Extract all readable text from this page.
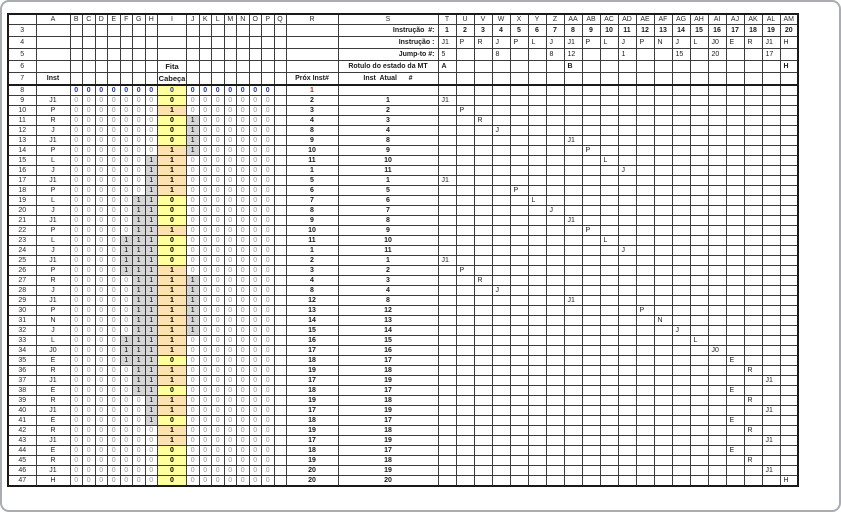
	A	B	C	D	E	F	G	H	I	J	K	L	M	N	O	P	Q	R	S	T	U	V	W	X	Y	Z	AA	AB	AC	AD	AE	AF	AG	AH	AI	AJ	AK	AL	AM
3																			Instrução  #:	1	2	3	4	5	6	7	8	9	10	11	12	13	14	15	16	17	18	19	20
4																			Instrução :	J1	P	R	J	P	L	J	J1	P	L	J	P	N	J	L	J0	E	R	J1	H
5																			Jump-to #:	5			8			8	12			1			15		20			17	
6									Fita										Rotulo do estado da MT	A							B												H
7	Inst								Cabeça									Próx Inst#	Inst  Atual      #																				
8		0	0	0	0	0	0	0	0	0	0	0	0	0	0	0		1																					
9	J1	0	0	0	0	0	0	0	0	0	0	0	0	0	0	0		2	1	J1																			
10	P	0	0	0	0	0	0	0	1	0	0	0	0	0	0	0		3	2		P																		
11	R	0	0	0	0	0	0	0	0	1	0	0	0	0	0	0		4	3			R																	
12	J	0	0	0	0	0	0	0	0	1	0	0	0	0	0	0		8	4				J																
13	J1	0	0	0	0	0	0	0	0	1	0	0	0	0	0	0		9	8								J1												
14	P	0	0	0	0	0	0	0	1	1	0	0	0	0	0	0		10	9									P											
15	L	0	0	0	0	0	0	1	1	0	0	0	0	0	0	0		11	10										L										
16	J	0	0	0	0	0	0	1	1	0	0	0	0	0	0	0		1	11											J									
17	J1	0	0	0	0	0	0	1	1	0	0	0	0	0	0	0		5	1	J1																			
18	P	0	0	0	0	0	0	1	1	0	0	0	0	0	0	0		6	5					P															
19	L	0	0	0	0	0	1	1	0	0	0	0	0	0	0	0		7	6						L														
20	J	0	0	0	0	0	1	1	0	0	0	0	0	0	0	0		8	7							J													
21	J1	0	0	0	0	0	1	1	0	0	0	0	0	0	0	0		9	8								J1												
22	P	0	0	0	0	0	1	1	1	0	0	0	0	0	0	0		10	9									P											
23	L	0	0	0	0	1	1	1	0	0	0	0	0	0	0	0		11	10										L										
24	J	0	0	0	0	1	1	1	0	0	0	0	0	0	0	0		1	11											J									
25	J1	0	0	0	0	1	1	1	0	0	0	0	0	0	0	0		2	1	J1																			
26	P	0	0	0	0	1	1	1	1	0	0	0	0	0	0	0		3	2		P																		
27	R	0	0	0	0	0	1	1	1	1	0	0	0	0	0	0		4	3			R																	
28	J	0	0	0	0	0	1	1	1	1	0	0	0	0	0	0		8	4				J																
29	J1	0	0	0	0	0	1	1	1	1	0	0	0	0	0	0		12	8								J1												
30	P	0	0	0	0	0	1	1	1	1	0	0	0	0	0	0		13	12												P								
31	N	0	0	0	0	0	1	1	1	1	0	0	0	0	0	0		14	13													N							
32	J	0	0	0	0	0	1	1	1	1	0	0	0	0	0	0		15	14														J						
33	L	0	0	0	0	1	1	1	1	0	0	0	0	0	0	0		16	15															L					
34	J0	0	0	0	0	1	1	1	1	0	0	0	0	0	0	0		17	16																J0				
35	E	0	0	0	0	1	1	1	0	0	0	0	0	0	0	0		18	17																	E			
36	R	0	0	0	0	0	1	1	1	0	0	0	0	0	0	0		19	18																		R		
37	J1	0	0	0	0	0	1	1	1	0	0	0	0	0	0	0		17	19																			J1	
38	E	0	0	0	0	0	1	1	0	0	0	0	0	0	0	0		18	17																	E			
39	R	0	0	0	0	0	0	1	1	0	0	0	0	0	0	0		19	18																		R		
40	J1	0	0	0	0	0	0	1	1	0	0	0	0	0	0	0		17	19																			J1	
41	E	0	0	0	0	0	0	1	0	0	0	0	0	0	0	0		18	17																	E			
42	R	0	0	0	0	0	0	0	1	0	0	0	0	0	0	0		19	18																		R		
43	J1	0	0	0	0	0	0	0	1	0	0	0	0	0	0	0		17	19																			J1	
44	E	0	0	0	0	0	0	0	0	0	0	0	0	0	0	0		18	17																	E			
45	R	0	0	0	0	0	0	0	0	0	0	0	0	0	0	0		19	18																		R		
46	J1	0	0	0	0	0	0	0	0	0	0	0	0	0	0	0		20	19																			J1	
47	H	0	0	0	0	0	0	0	0	0	0	0	0	0	0	0		20	20																				H
